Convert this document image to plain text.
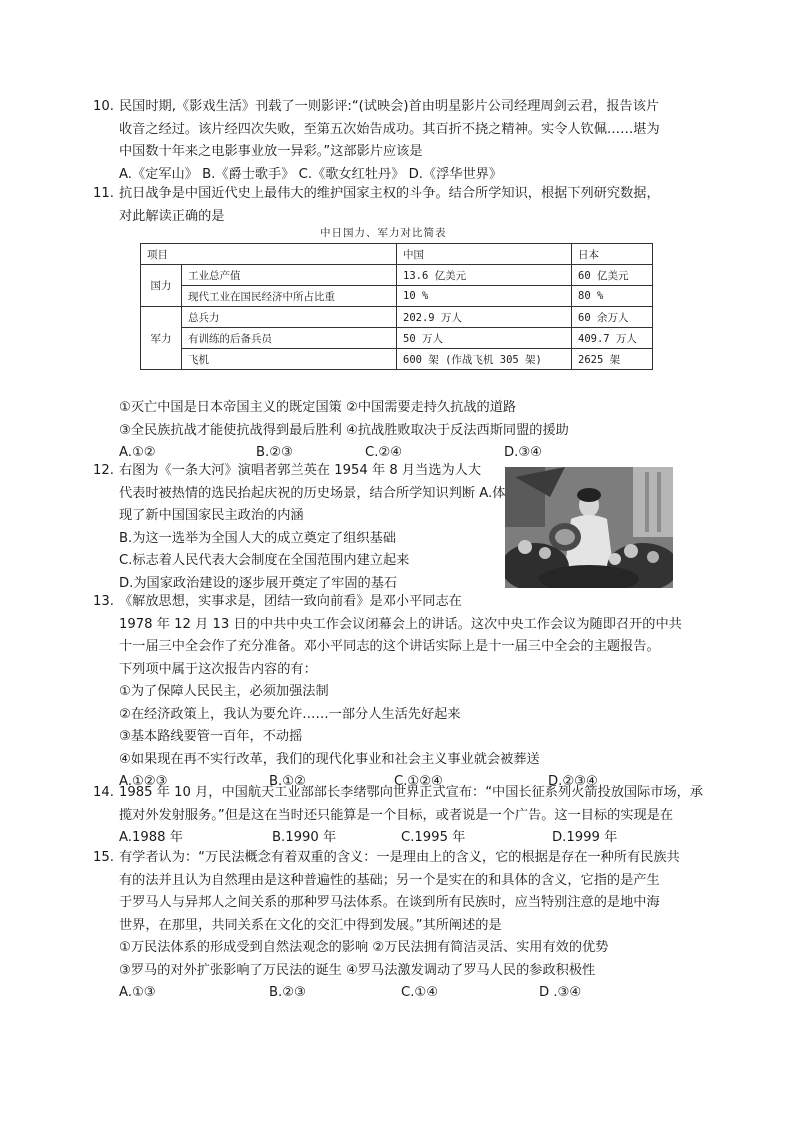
10. 民国时期,《影戏生活》刊载了一则影评:“(试映会)首由明星影片公司经理周剑云君，报告该片
收音之经过。该片经四次失败，至第五次始告成功。其百折不挠之精神。实令人钦佩……堪为
中国数十年来之电影事业放一异彩。”这部影片应该是
A.《定军山》 B.《爵士歌手》 C.《歌女红牡丹》 D.《浮华世界》
11. 抗日战争是中国近代史上最伟大的维护国家主权的斗争。结合所学知识，根据下列研究数据，
对此解读正确的是
中日国力、军力对比简表
项目		中国	日本
国力	工业总产值	13.6 亿美元	60 亿美元
	现代工业在国民经济中所占比重	10 %	80 %
军力	总兵力	202.9 万人	60 余万人
	有训练的后备兵员	50 万人	409.7 万人
	飞机	600 架 (作战飞机 305 架)	2625 架
①灭亡中国是日本帝国主义的既定国策 ②中国需要走持久抗战的道路
③全民族抗战才能使抗战得到最后胜利 ④抗战胜败取决于反法西斯同盟的援助
A.①②	B.②③	C.②④	D.③④
12. 右图为《一条大河》演唱者郭兰英在 1954 年 8 月当选为人大
代表时被热情的选民抬起庆祝的历史场景，结合所学知识判断 A.体
现了新中国国家民主政治的内涵
B.为这一选举为全国人大的成立奠定了组织基础
C.标志着人民代表大会制度在全国范围内建立起来
D.为国家政治建设的逐步展开奠定了牢固的基石
13. 《解放思想，实事求是，团结一致向前看》是邓小平同志在
1978 年 12 月 13 日的中共中央工作会议闭幕会上的讲话。这次中央工作会议为随即召开的中共
十一届三中全会作了充分准备。邓小平同志的这个讲话实际上是十一届三中全会的主题报告。
下列项中属于这次报告内容的有：
①为了保障人民民主，必须加强法制
②在经济政策上，我认为要允许……一部分人生活先好起来
③基本路线要管一百年，不动摇
④如果现在再不实行改革，我们的现代化事业和社会主义事业就会被葬送
A.①②③	B.①②	C.①②④	D.②③④
14. 1985 年 10 月，中国航天工业部部长李绪鄂向世界正式宣布：“中国长征系列火箭投放国际市场，承
揽对外发射服务。”但是这在当时还只能算是一个目标，或者说是一个广告。这一目标的实现是在
A.1988 年	B.1990 年	C.1995 年	D.1999 年
15. 有学者认为：“万民法概念有着双重的含义：一是理由上的含义，它的根据是存在一种所有民族共
有的法并且认为自然理由是这种普遍性的基础；另一个是实在的和具体的含义，它指的是产生
于罗马人与异邦人之间关系的那种罗马法体系。在谈到所有民族时，应当特别注意的是地中海
世界，在那里，共同关系在文化的交汇中得到发展。”其所阐述的是
①万民法体系的形成受到自然法观念的影响 ②万民法拥有简洁灵活、实用有效的优势
③罗马的对外扩张影响了万民法的诞生 ④罗马法激发调动了罗马人民的参政积极性
A.①③	B.②③	C.①④	D .③④
